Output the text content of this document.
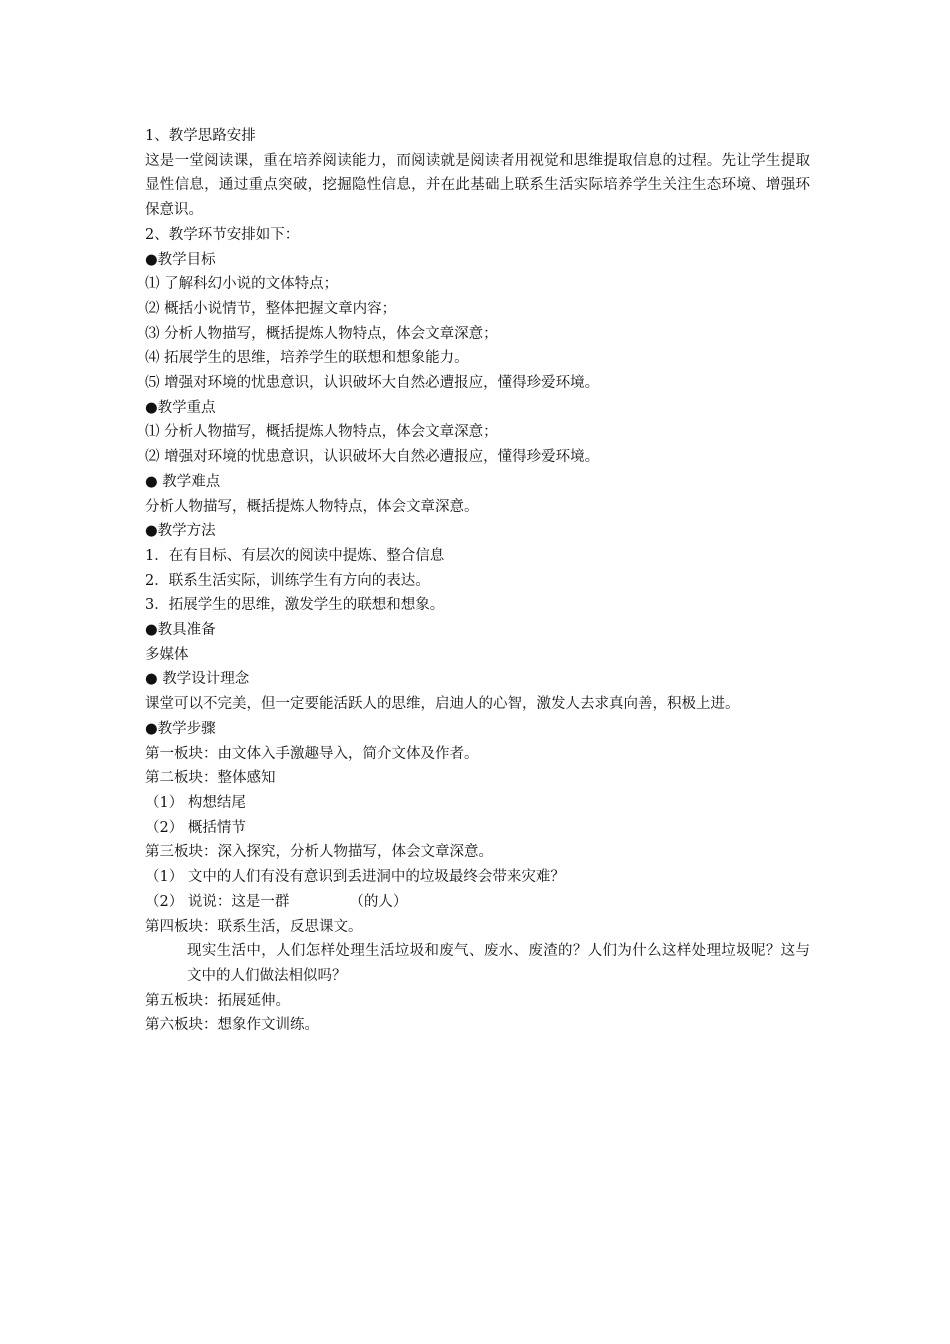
1、教学思路安排

这是一堂阅读课，重在培养阅读能力，而阅读就是阅读者用视觉和思维提取信息的过程。先让学生提取显性信息，通过重点突破，挖掘隐性信息，并在此基础上联系生活实际培养学生关注生态环境、增强环保意识。

2、教学环节安排如下：

●教学目标

⑴ 了解科幻小说的文体特点；

⑵ 概括小说情节，整体把握文章内容；

⑶ 分析人物描写，概括提炼人物特点，体会文章深意；

⑷ 拓展学生的思维，培养学生的联想和想象能力。

⑸ 增强对环境的忧患意识，认识破坏大自然必遭报应，懂得珍爱环境。

●教学重点

⑴ 分析人物描写，概括提炼人物特点，体会文章深意；

⑵ 增强对环境的忧患意识，认识破坏大自然必遭报应，懂得珍爱环境。

● 教学难点

分析人物描写，概括提炼人物特点，体会文章深意。

●教学方法

1．在有目标、有层次的阅读中提炼、整合信息

2．联系生活实际，训练学生有方向的表达。

3．拓展学生的思维，激发学生的联想和想象。

●教具准备

多媒体

● 教学设计理念

课堂可以不完美，但一定要能活跃人的思维，启迪人的心智，激发人去求真向善，积极上进。

●教学步骤

第一板块：由文体入手激趣导入，简介文体及作者。

第二板块：整体感知

（1） 构想结尾

（2） 概括情节

第三板块：深入探究，分析人物描写，体会文章深意。

（1） 文中的人们有没有意识到丢进洞中的垃圾最终会带来灾难？

（2） 说说：这是一群	（的人）

第四板块：联系生活，反思课文。

现实生活中，人们怎样处理生活垃圾和废气、废水、废渣的？人们为什么这样处理垃圾呢？这与文中的人们做法相似吗？

第五板块：拓展延伸。

第六板块：想象作文训练。
